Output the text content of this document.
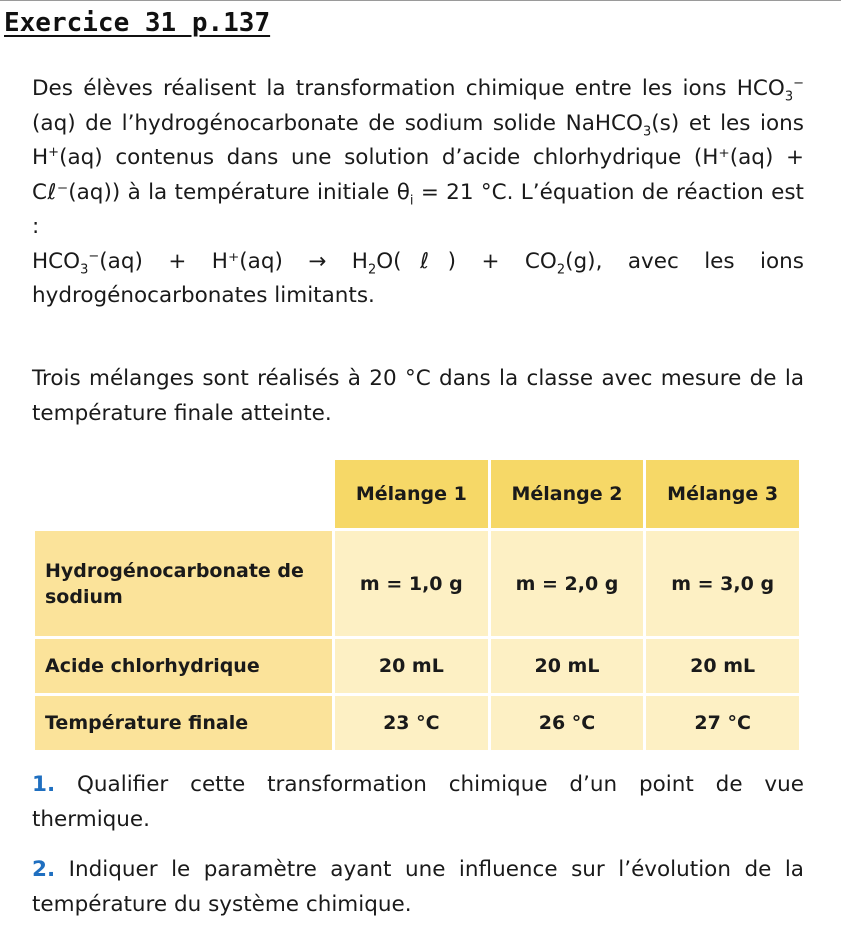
Exercice 31 p.137

Des élèves réalisent la transformation chimique entre les ions $HCO_3^-(aq)$ de l’hydrogénocarbonate de sodium solide NaHCO$_3$(s) et les ions H+(aq) contenus dans une solution d’acide chlorhydrique (H⁺(aq) + Cℓ⁻(aq)) à la température initiale $\theta_i = 21$ °C. L’équation de réaction est :
$HCO_3^-(aq) + H^+(aq)$ → $H_2O(\ell) + CO_2(g)$, avec les ions hydrogénocarbonates limitants.

Trois mélanges sont réalisés à 20 °C dans la classe avec mesure de la température finale atteinte.

	Mélange 1	Mélange 2	Mélange 3
Hydrogénocarbonate de sodium	m = 1,0 g	m = 2,0 g	m = 3,0 g
Acide chlorhydrique	20 mL	20 mL	20 mL
Température finale	23 °C	26 °C	27 °C

1. Qualifier cette transformation chimique d’un point de vue thermique.

2. Indiquer le paramètre ayant une influence sur l’évolution de la température du système chimique.
